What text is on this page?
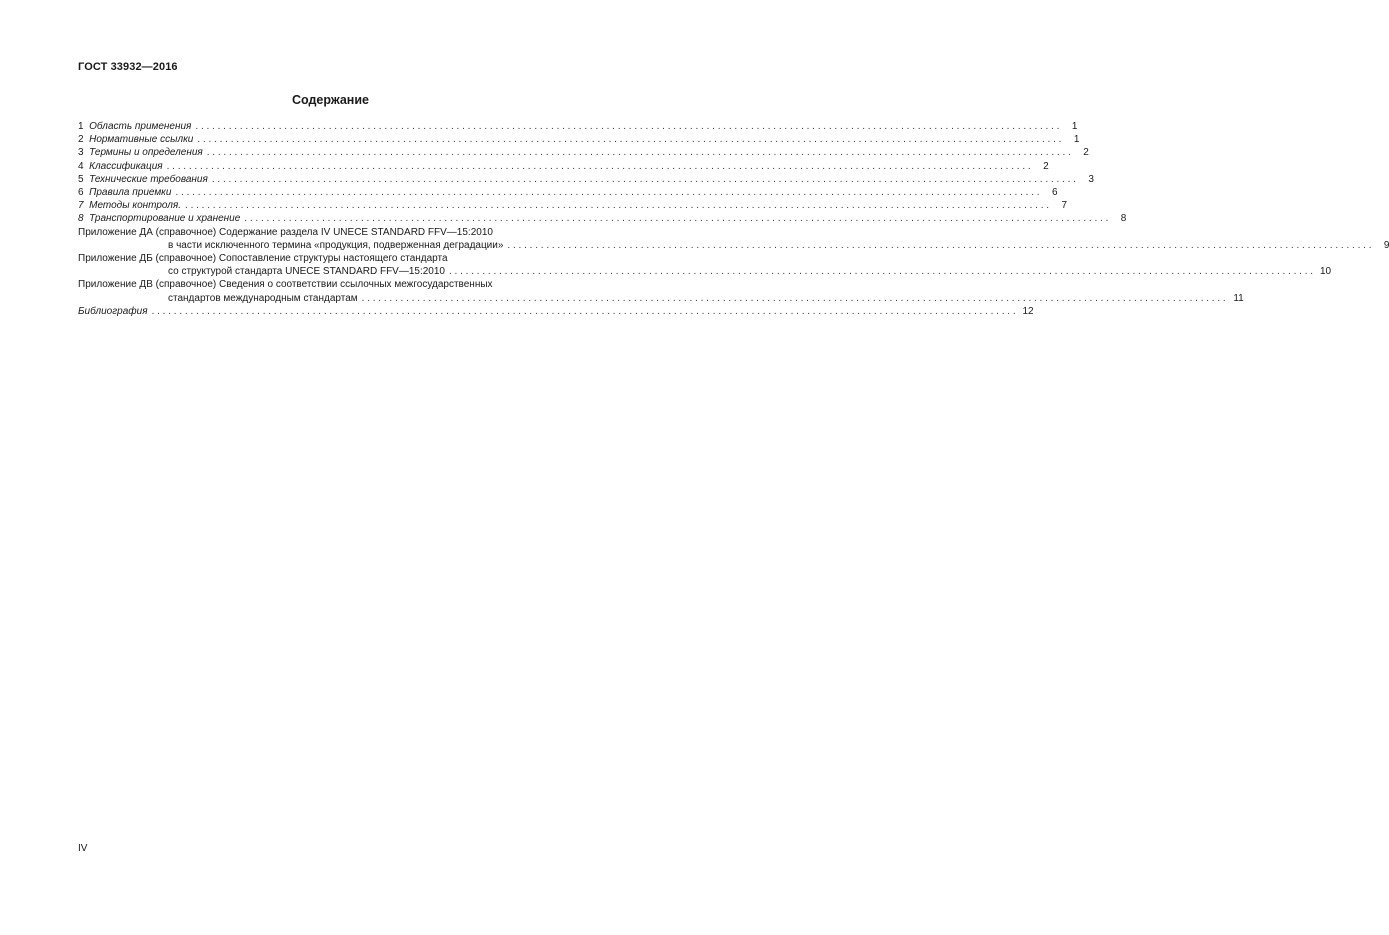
ГОСТ 33932—2016
Содержание
1 Область применения . . .	1
2 Нормативные ссылки . . .	1
3 Термины и определения . . .	2
4 Классификация . . .	2
5 Технические требования . . .	3
6 Правила приемки . . .	6
7 Методы контроля. . . .	7
8 Транспортирование и хранение . . .	8
Приложение ДА (справочное) Содержание раздела IV UNECE STANDARD FFV—15:2010
в части исключенного термина «продукция, подверженная деградации» . . .	9
Приложение ДБ (справочное) Сопоставление структуры настоящего стандарта
со структурой стандарта UNECE STANDARD FFV—15:2010 . . .	10
Приложение ДВ (справочное) Сведения о соответствии ссылочных межгосударственных
стандартов международным стандартам . . .	11
Библиография . . .	12
IV
